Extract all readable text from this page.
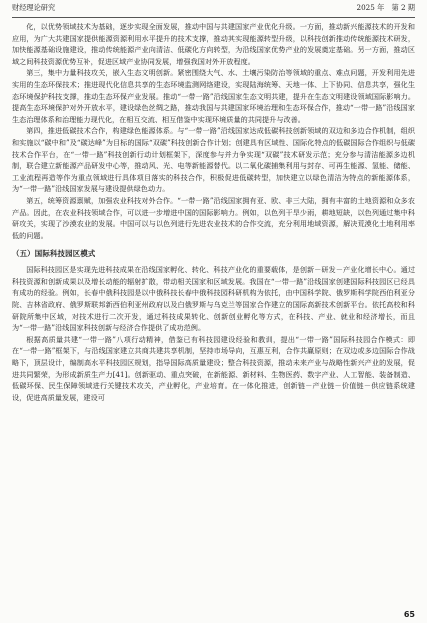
财经理论研究	2025 年　第 2 期

化，以优势领域技术为基础，逐步实现全面发展，推动中国与共建国家产业优化升级。一方面，推动新兴能源技术的开发和应用，为广大共建国家提供能源资源利用水平提升的技术支撑，推动其实现能源转型升级，以科技创新推动传统能源技术研发，加快能源基础设施建设，推动传统能源产业向清洁、低碳化方向转型，为沿线国家优势产业的发展奠定基础。另一方面，推动区域之间科技资源优势互补，促进区域产业协同发展，增强我国对外开放程度。

第三，集中力量科技攻关，嵌入生态文明创新。紧密围绕大气、水、土壤污染防治等领域的重点、难点问题，开发利用先进实用的生态环保技术；推进现代化信息共享的生态环境监测网络建设，实现陆海统筹、天地一体、上下协同、信息共享，强化生态环境保护科技支撑，推动生态环保产业发展。推动“一带一路”沿线国家生态文明共建，提升在生态文明建设领域国际影响力。提高生态环境保护对外开放水平，建设绿色丝绸之路，推动我国与共建国家环境治理和生态环保合作，推动“一带一路”沿线国家生态治理体系和治理能力现代化，在相互交流、相互借鉴中实现环境质量的共同提升与改善。

第四，推进低碳技术合作，构建绿色能源体系。与“一带一路”沿线国家达成低碳科技创新领域的双边和多边合作机制，组织和实施以“碳中和”及“碳达峰”为目标的国际“双碳”科技创新合作计划；创建具有区域性、国际化特点的低碳国际合作组织与低碳技术合作平台，在“一带一路”科技创新行动计划框架下，深度参与并力争实现“双碳”技术研发示范；充分参与清洁能源多边机制，联合建立新能源产品研发中心等，推动风、光、电等新能源替代。以二氧化碳捕集利用与封存、可再生能源、氢能、储能、工业流程再造等作为重点领域进行具体项目落实的科技合作，积极促进低碳转型，加快建立以绿色清洁为特点的新能源体系，为“一带一路”沿线国家发展与建设提供绿色动力。

第五，统筹资源禀赋，加强农业科技对外合作。“一带一路”沿线国家拥有亚、欧、非三大陆，拥有丰富的土地资源和众多农产品。因此，在农业科技领域合作，可以进一步增进中国的国际影响力。例如，以色列干旱少雨，耕地短缺，以色列通过集中科研攻关，实现了沙漠农业的发展。中国可以与以色列进行先进农业技术的合作交流，充分利用地域资源，解决荒漠化土地利用率低的问题。

（五）国际科技园区模式

国际科技园区是实现先进科技成果在沿线国家孵化、转化、科技产业化的重要载体，是创新－研发－产业化增长中心。通过科技资源和创新成果以及增长动能的辐射扩散，带动相关国家和区域发展。我国在“一带一路”沿线国家创建国际科技园区已经具有成功的经验。例如，长春中俄科技园是以中俄科技长春中俄科技园科研机构为依托，由中国科学院、俄罗斯科学院西伯利亚分院、吉林省政府、俄罗斯联邦新西伯利亚州政府以及白俄罗斯与乌克兰等国家合作建立的国际高新技术创新平台。依托高校和科研院所集中区域，对技术进行二次开发，通过科技成果转化、创新创业孵化等方式，在科技、产业、就业和经济增长，而且为“一带一路”沿线国家科技创新与经济合作提供了成功范例。

根据高质量共建“一带一路”八项行动精神，借鉴已有科技园建设经验和教训，提出“一带一路”国际科技园合作模式：即在“一带一路”框架下，与沿线国家建立共商共建共享机制，坚持市场导向，互惠互利，合作共赢原则；在双边或多边国际合作战略下，顶层设计，编制高水平科技园区规划，指导国际高质量建设；整合科技资源，推动未来产业与战略性新兴产业的发展，促进共同繁荣，为形成新质生产力[41]。创新驱动、重点突破，在新能源、新材料、生物医药、数字产业、人工智能、装备制造、低碳环保、民生保障领域进行关键技术攻关，产业孵化，产业培育。在一体化推进，创新链－产业链－价值链－供应链系统建设，促进高质量发展，建设可

65
